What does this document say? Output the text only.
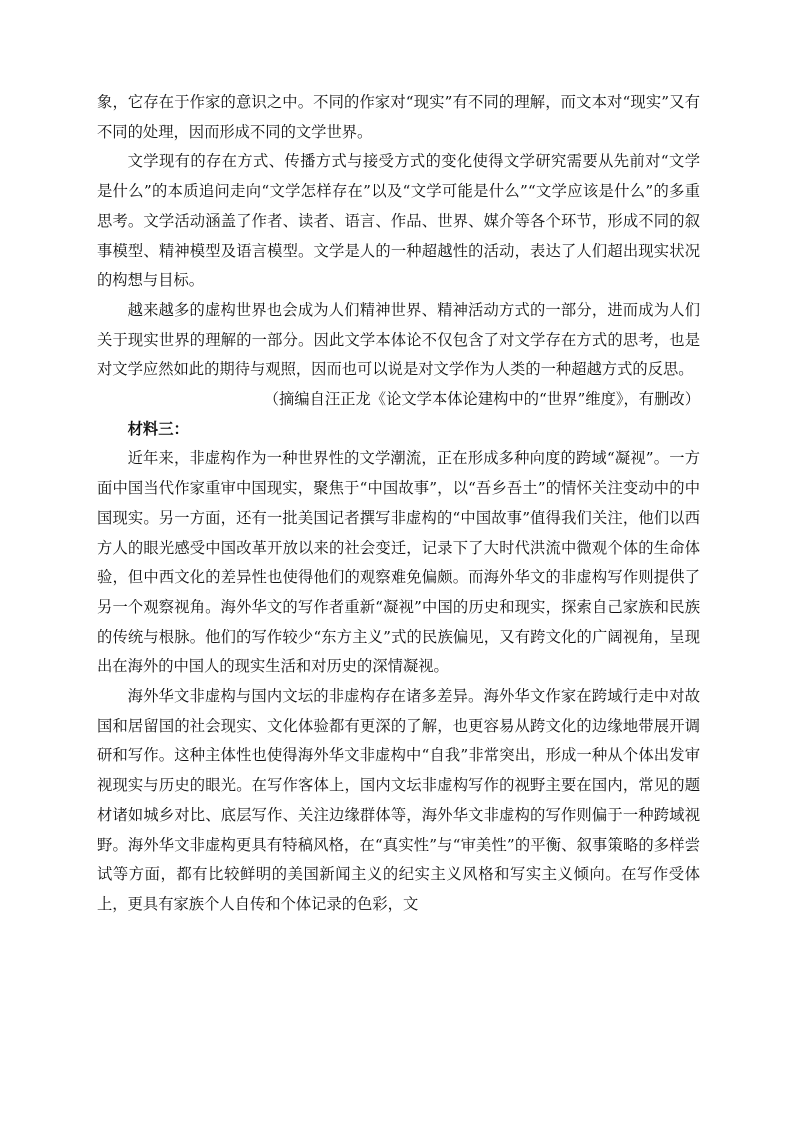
象，它存在于作家的意识之中。不同的作家对“现实”有不同的理解，而文本对“现实”又有不同的处理，因而形成不同的文学世界。

文学现有的存在方式、传播方式与接受方式的变化使得文学研究需要从先前对“文学是什么”的本质追问走向“文学怎样存在”以及“文学可能是什么”“文学应该是什么”的多重思考。文学活动涵盖了作者、读者、语言、作品、世界、媒介等各个环节，形成不同的叙事模型、精神模型及语言模型。文学是人的一种超越性的活动，表达了人们超出现实状况的构想与目标。

越来越多的虚构世界也会成为人们精神世界、精神活动方式的一部分，进而成为人们关于现实世界的理解的一部分。因此文学本体论不仅包含了对文学存在方式的思考，也是对文学应然如此的期待与观照，因而也可以说是对文学作为人类的一种超越方式的反思。

（摘编自汪正龙《论文学本体论建构中的“世界”维度》，有删改）

材料三：

近年来，非虚构作为一种世界性的文学潮流，正在形成多种向度的跨域“凝视”。一方面中国当代作家重审中国现实，聚焦于“中国故事”，以“吾乡吾土”的情怀关注变动中的中国现实。另一方面，还有一批美国记者撰写非虚构的“中国故事”值得我们关注，他们以西方人的眼光感受中国改革开放以来的社会变迁，记录下了大时代洪流中微观个体的生命体验，但中西文化的差异性也使得他们的观察难免偏颇。而海外华文的非虚构写作则提供了另一个观察视角。海外华文的写作者重新“凝视”中国的历史和现实，探索自己家族和民族的传统与根脉。他们的写作较少“东方主义”式的民族偏见，又有跨文化的广阔视角，呈现出在海外的中国人的现实生活和对历史的深情凝视。

海外华文非虚构与国内文坛的非虚构存在诸多差异。海外华文作家在跨域行走中对故国和居留国的社会现实、文化体验都有更深的了解，也更容易从跨文化的边缘地带展开调研和写作。这种主体性也使得海外华文非虚构中“自我”非常突出，形成一种从个体出发审视现实与历史的眼光。在写作客体上，国内文坛非虚构写作的视野主要在国内，常见的题材诸如城乡对比、底层写作、关注边缘群体等，海外华文非虚构的写作则偏于一种跨域视野。海外华文非虚构更具有特稿风格，在“真实性”与“审美性”的平衡、叙事策略的多样尝试等方面，都有比较鲜明的美国新闻主义的纪实主义风格和写实主义倾向。在写作受体上，更具有家族个人自传和个体记录的色彩，文
